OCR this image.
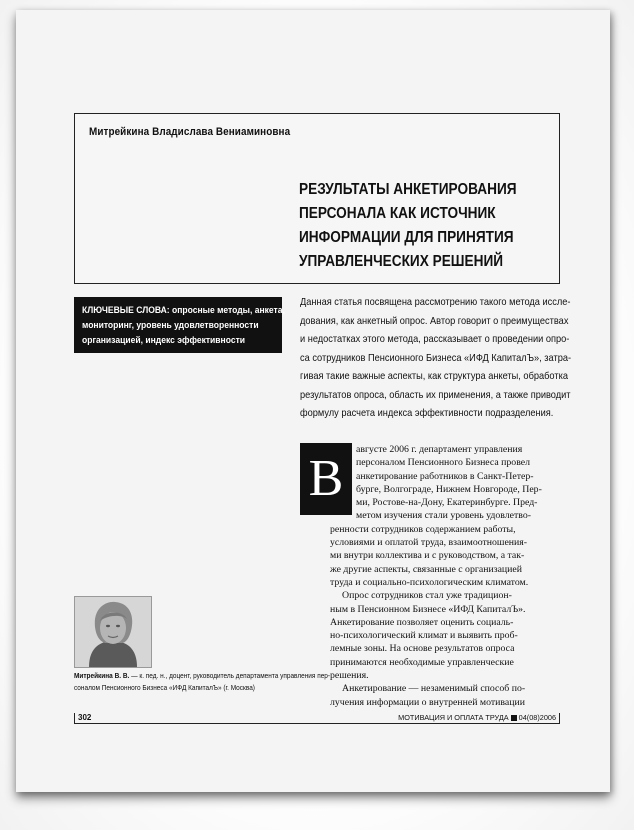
Митрейкина Владислава Вениаминовна
РЕЗУЛЬТАТЫ АНКЕТИРОВАНИЯ
ПЕРСОНАЛА КАК ИСТОЧНИК
ИНФОРМАЦИИ ДЛЯ ПРИНЯТИЯ
УПРАВЛЕНЧЕСКИХ РЕШЕНИЙ
КЛЮЧЕВЫЕ СЛОВА: опросные методы, анкета,
мониторинг, уровень удовлетворенности
организацией, индекс эффективности
Данная статья посвящена рассмотрению такого метода иссле-
дования, как анкетный опрос. Автор говорит о преимуществах
и недостатках этого метода, рассказывает о проведении опро-
са сотрудников Пенсионного Бизнеса «ИФД КапиталЪ», затра-
гивая такие важные аспекты, как структура анкеты, обработка
результатов опроса, область их применения, а также приводит
формулу расчета индекса эффективности подразделения.
В
августе 2006 г. департамент управления
персоналом Пенсионного Бизнеса провел
анкетирование работников в Санкт-Петер-
бурге, Волгограде, Нижнем Новгороде, Пер-
ми, Ростове-на-Дону, Екатеринбурге. Пред-
метом изучения стали уровень удовлетво-
ренности сотрудников содержанием работы,
условиями и оплатой труда, взаимоотношения-
ми внутри коллектива и с руководством, а так-
же другие аспекты, связанные с организацией
труда и социально-психологическим климатом.
Опрос сотрудников стал уже традицион-
ным в Пенсионном Бизнесе «ИФД КапиталЪ».
Анкетирование позволяет оценить социаль-
но-психологический климат и выявить проб-
лемные зоны. На основе результатов опроса
принимаются необходимые управленческие
решения.
Анкетирование — незаменимый способ по-
лучения информации о внутренней мотивации
Митрейкина В. В. — к. пед. н., доцент, руководитель департамента управления пер-
соналом Пенсионного Бизнеса «ИФД КапиталЪ» (г. Москва)
302	МОТИВАЦИЯ И ОПЛАТА ТРУДА 04(08)2006
